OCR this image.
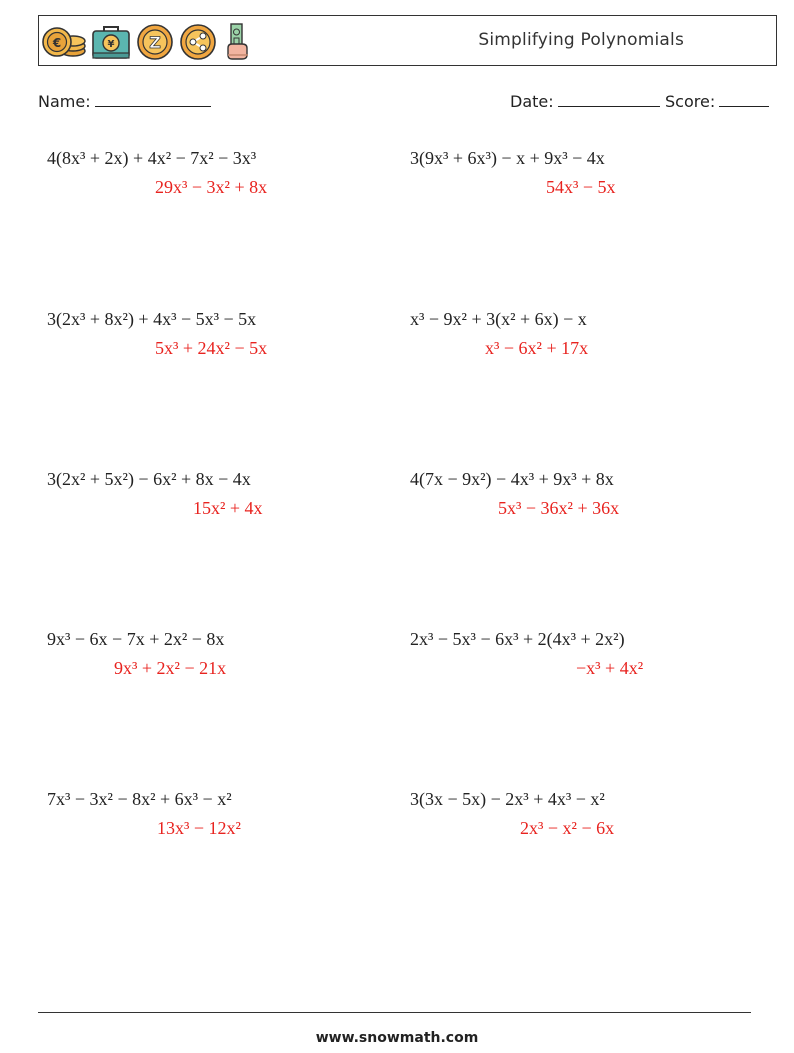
€	¥ Z	Simplifying Polynomials
Name:	Date:	Score:
4(8x³ + 2x) + 4x² − 7x² − 3x³
29x³ − 3x² + 8x
3(9x³ + 6x³) − x + 9x³ − 4x
54x³ − 5x
3(2x³ + 8x²) + 4x³ − 5x³ − 5x
5x³ + 24x² − 5x
x³ − 9x² + 3(x² + 6x) − x
x³ − 6x² + 17x
3(2x² + 5x²) − 6x² + 8x − 4x
15x² + 4x
4(7x − 9x²) − 4x³ + 9x³ + 8x
5x³ − 36x² + 36x
9x³ − 6x − 7x + 2x² − 8x
9x³ + 2x² − 21x
2x³ − 5x³ − 6x³ + 2(4x³ + 2x²)
−x³ + 4x²
7x³ − 3x² − 8x² + 6x³ − x²
13x³ − 12x²
3(3x − 5x) − 2x³ + 4x³ − x²
2x³ − x² − 6x
www.snowmath.com
